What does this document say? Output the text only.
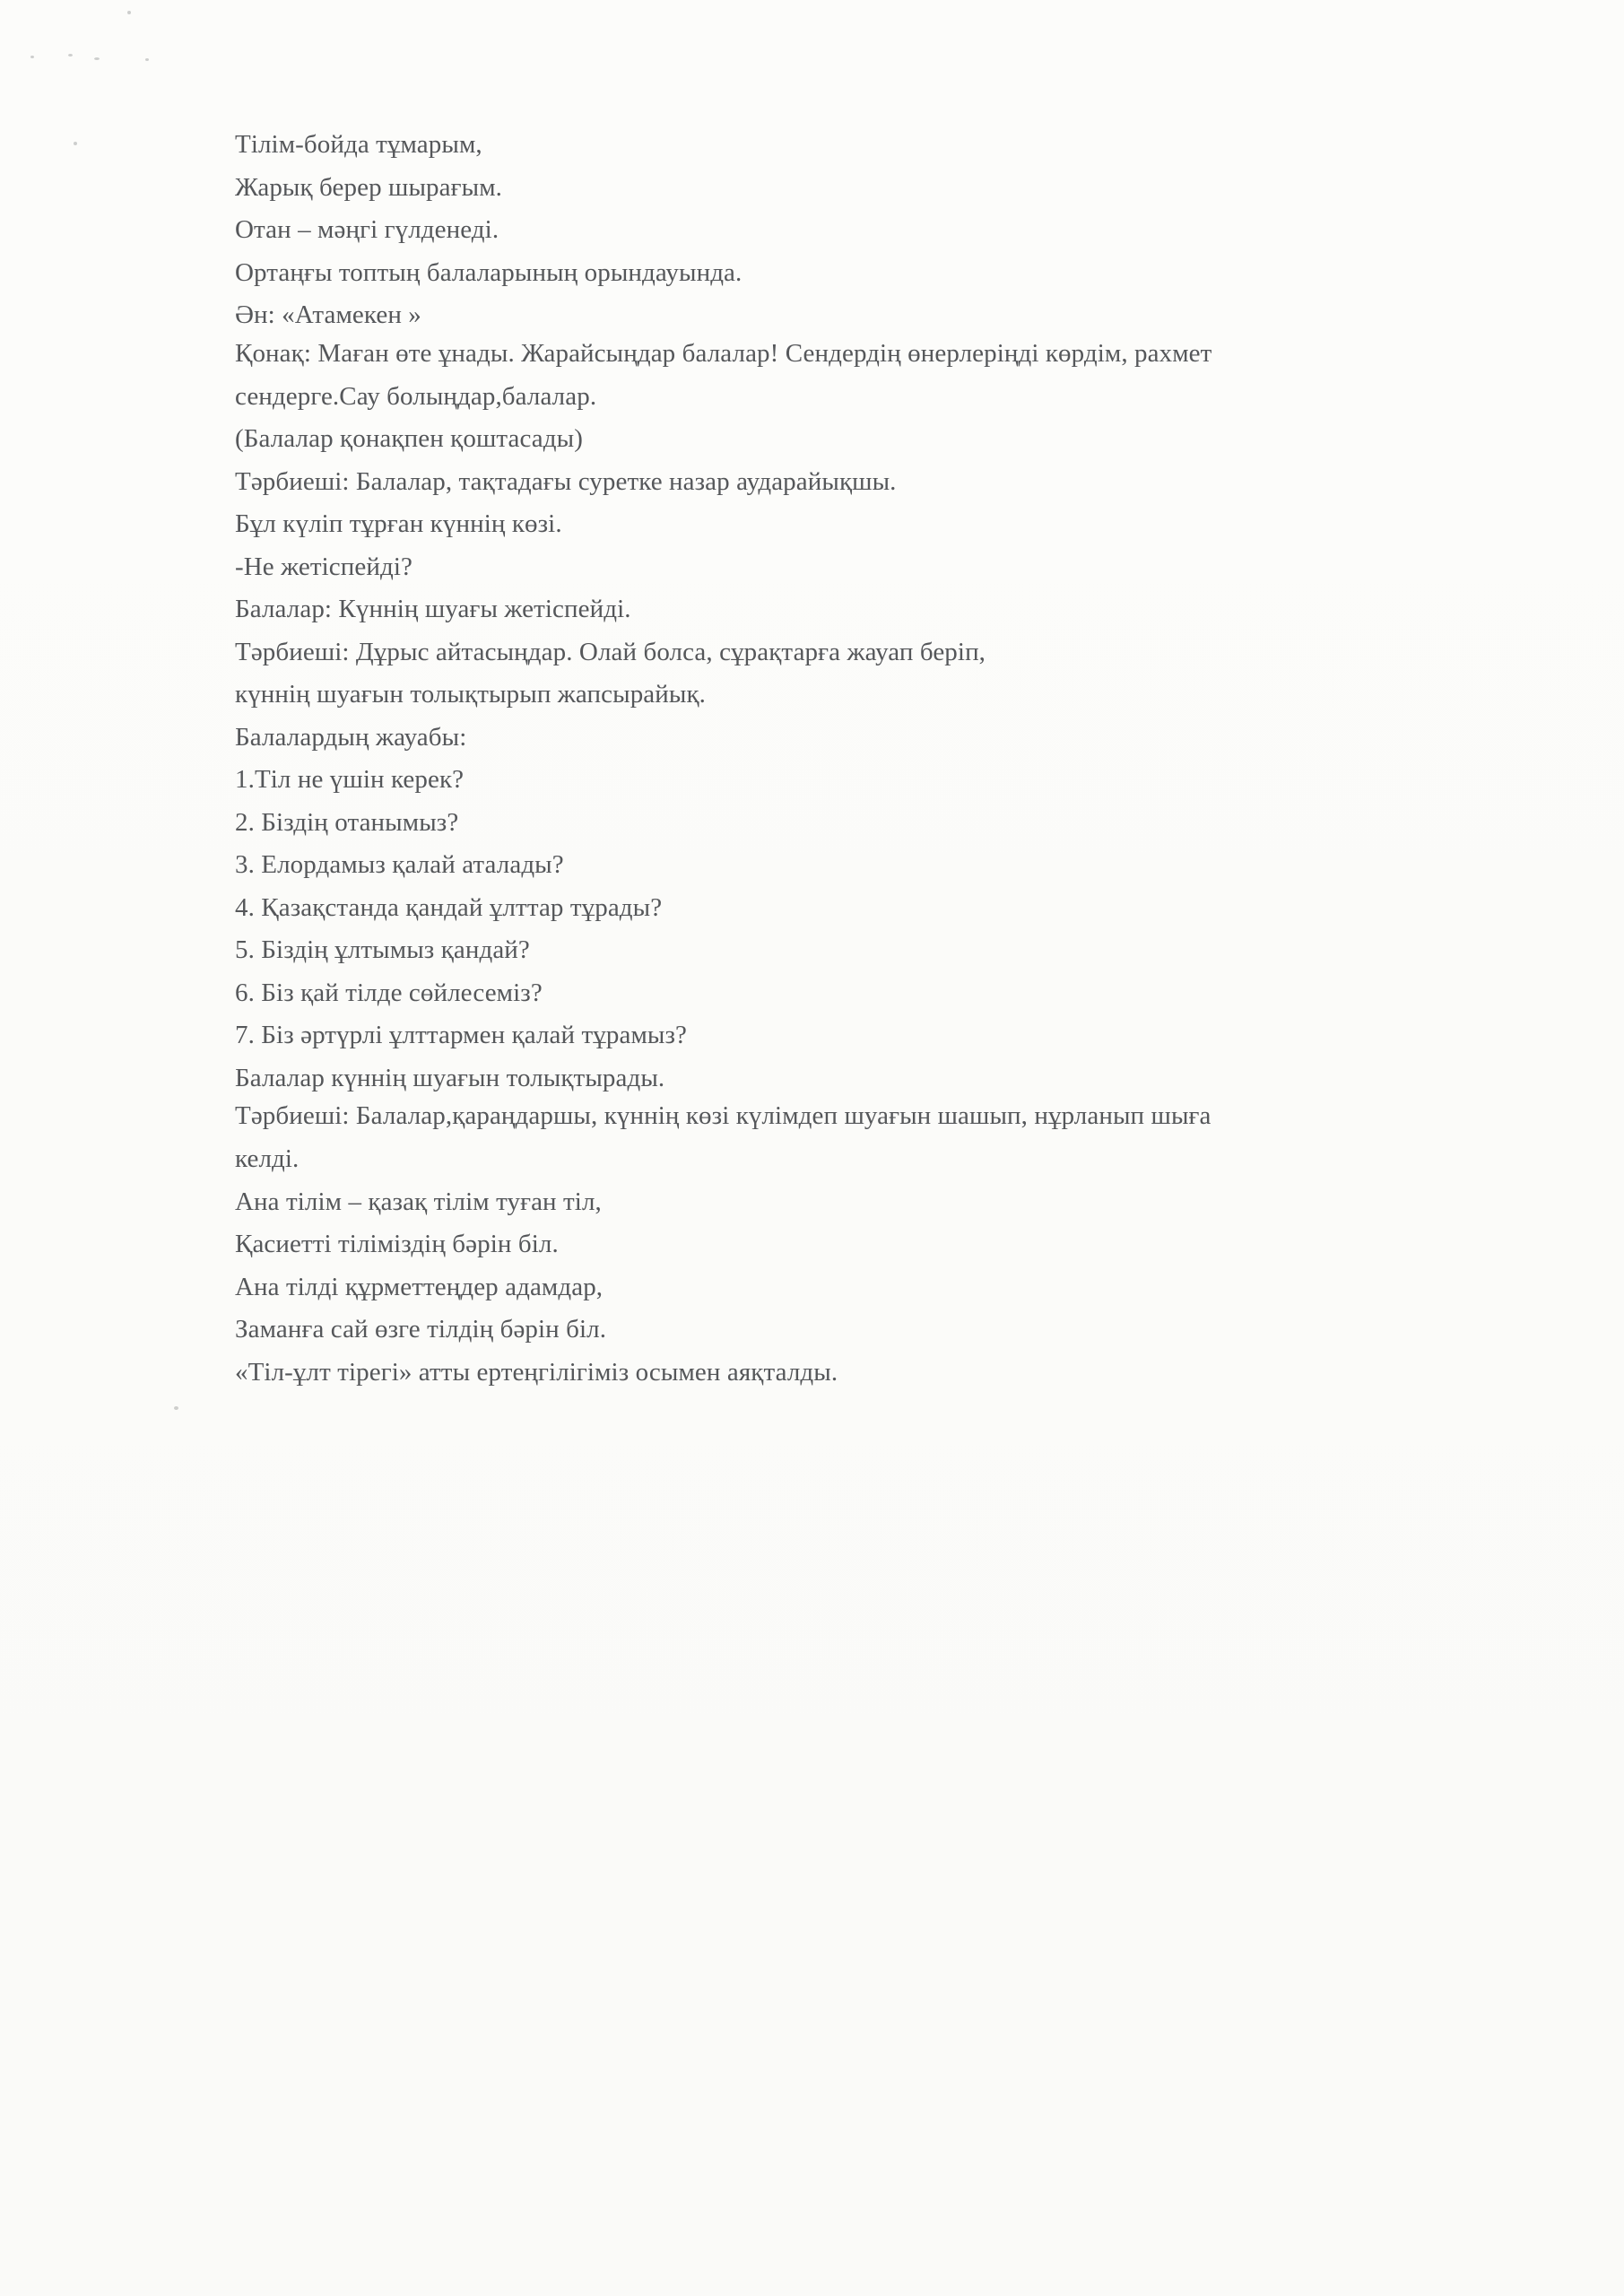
Тілім-бойда тұмарым,

Жарық берер шырағым.

Отан – мәңгі гүлденеді.

Ортаңғы топтың балаларының орындауында.

Ән: «Атамекен »

Қонақ: Маған өте ұнады. Жарайсыңдар балалар! Сендердің өнерлеріңді көрдім, рахмет

сендерге.Сау болыңдар,балалар.

(Балалар қонақпен қоштасады)

Тәрбиеші: Балалар, тақтадағы суретке назар аударайықшы.

Бұл күліп тұрған күннің көзі.

-Не жетіспейді?

Балалар: Күннің шуағы жетіспейді.

Тәрбиеші: Дұрыс айтасыңдар. Олай болса, сұрақтарға жауап беріп,

күннің шуағын толықтырып жапсырайық.

Балалардың жауабы:

1.Тіл не үшін керек?

2. Біздің отанымыз?

3. Елордамыз қалай аталады?

4. Қазақстанда қандай ұлттар тұрады?

5. Біздің ұлтымыз қандай?

6. Біз қай тілде сөйлесеміз?

7. Біз әртүрлі ұлттармен қалай тұрамыз?

Балалар күннің шуағын толықтырады.

Тәрбиеші: Балалар,қараңдаршы, күннің көзі күлімдеп шуағын шашып, нұрланып шыға

келді.

Ана тілім – қазақ тілім туған тіл,

Қасиетті тіліміздің бәрін біл.

Ана тілді құрметтеңдер адамдар,

Заманға сай өзге тілдің бәрін біл.

«Тіл-ұлт тірегі» атты ертеңгілігіміз осымен аяқталды.
